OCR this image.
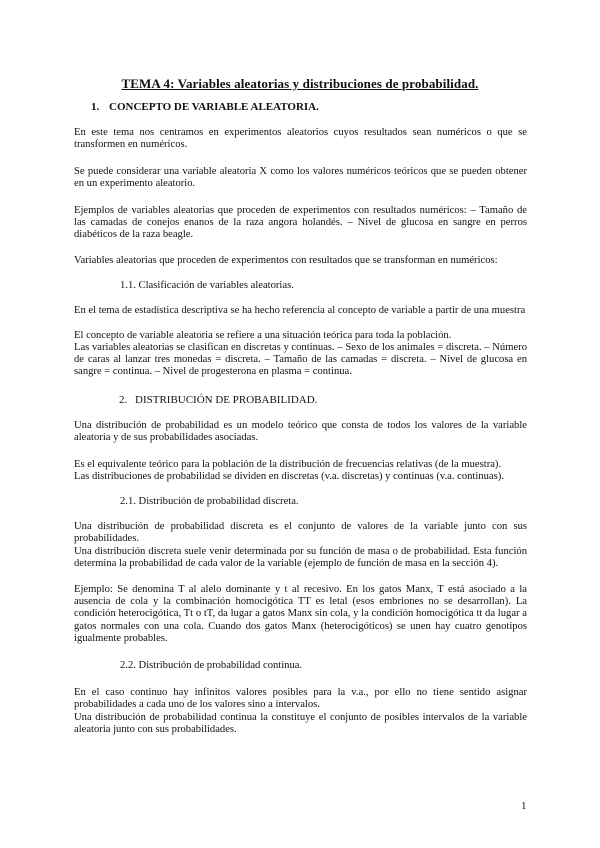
TEMA 4: Variables aleatorias y distribuciones de probabilidad.
1. CONCEPTO DE VARIABLE ALEATORIA.

En este tema nos centramos en experimentos aleatorios cuyos resultados sean numéricos o que se transformen en numéricos.

Se puede considerar una variable aleatoria X como los valores numéricos teóricos que se pueden obtener en un experimento aleatorio.

Ejemplos de variables aleatorias que proceden de experimentos con resultados numéricos: – Tamaño de las camadas de conejos enanos de la raza angora holandés. – Nivel de glucosa en sangre en perros diabéticos de la raza beagle.

Variables aleatorias que proceden de experimentos con resultados que se transforman en numéricos:

1.1. Clasificación de variables aleatorias.

En el tema de estadística descriptiva se ha hecho referencia al concepto de variable a partir de una muestra

El concepto de variable aleatoria se refiere a una situación teórica para toda la población.

Las variables aleatorias se clasifican en discretas y continuas. – Sexo de los animales = discreta. – Número de caras al lanzar tres monedas = discreta. – Tamaño de las camadas = discreta. – Nivel de glucosa en sangre = continua. – Nivel de progesterona en plasma = continua.

2. DISTRIBUCIÓN DE PROBABILIDAD.

Una distribución de probabilidad es un modelo teórico que consta de todos los valores de la variable aleatoria y de sus probabilidades asociadas.

Es el equivalente teórico para la población de la distribución de frecuencias relativas (de la muestra).

Las distribuciones de probabilidad se dividen en discretas (v.a. discretas) y continuas (v.a. continuas).

2.1. Distribución de probabilidad discreta.

Una distribución de probabilidad discreta es el conjunto de valores de la variable junto con sus probabilidades.

Una distribución discreta suele venir determinada por su función de masa o de probabilidad. Esta función determina la probabilidad de cada valor de la variable (ejemplo de función de masa en la sección 4).

Ejemplo: Se denomina T al alelo dominante y t al recesivo. En los gatos Manx, T está asociado a la ausencia de cola y la combinación homocigótica TT es letal (esos embriones no se desarrollan). La condición heterocigótica, Tt o tT, da lugar a gatos Manx sin cola, y la condición homocigótica tt da lugar a gatos normales con una cola. Cuando dos gatos Manx (heterocigóticos) se unen hay cuatro genotipos igualmente probables.

2.2. Distribución de probabilidad continua.

En el caso continuo hay infinitos valores posibles para la v.a., por ello no tiene sentido asignar probabilidades a cada uno de los valores sino a intervalos.

Una distribución de probabilidad continua la constituye el conjunto de posibles intervalos de la variable aleatoria junto con sus probabilidades.

1
